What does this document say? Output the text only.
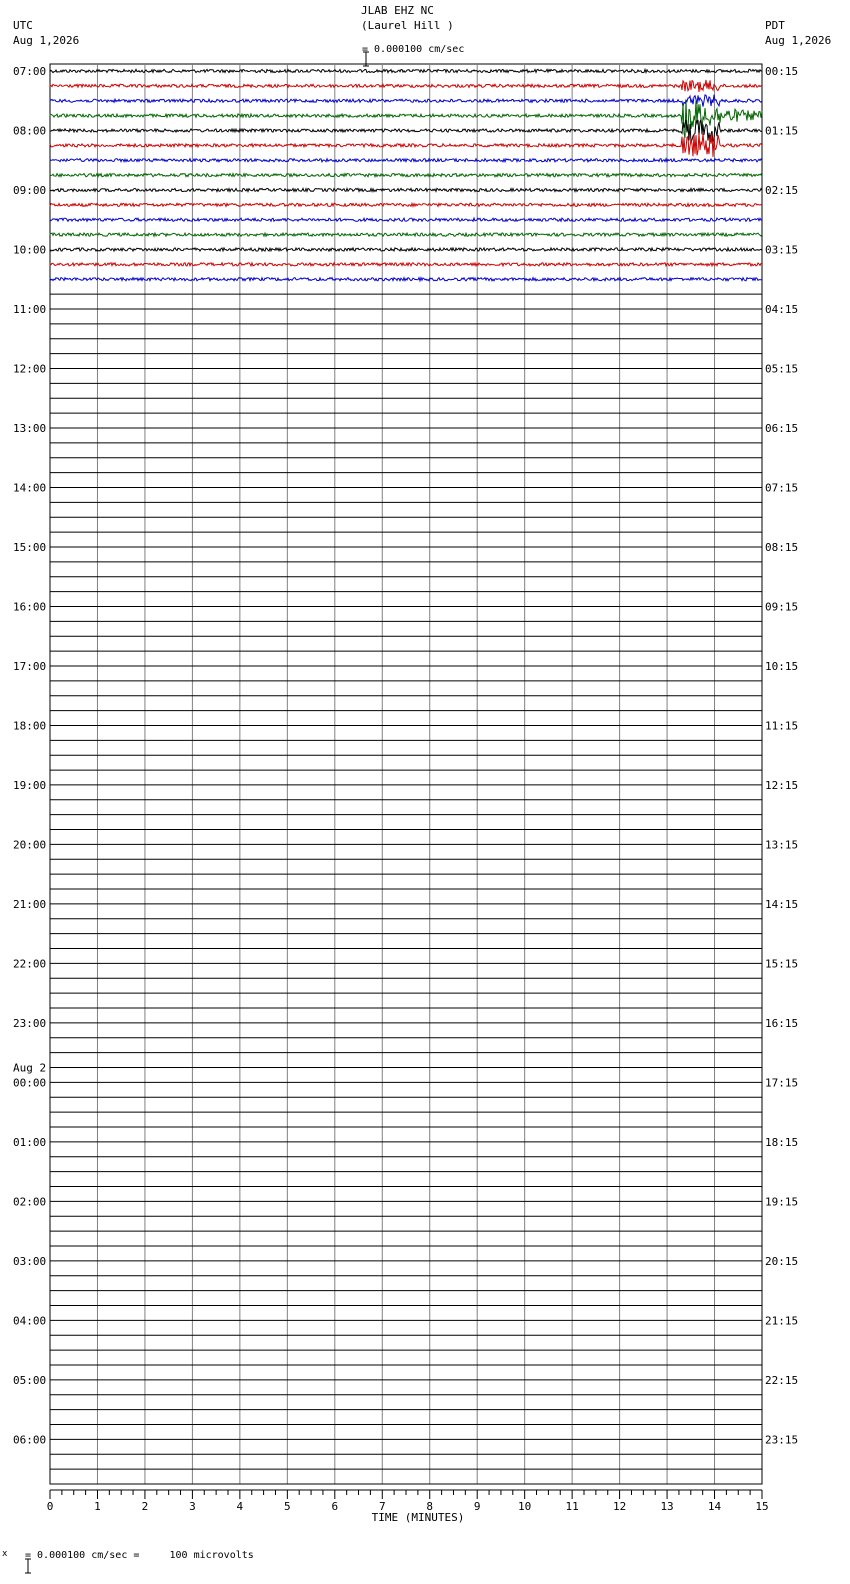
JLAB EHZ NC
(Laurel Hill )

= 0.000100 cm/sec
UTC
Aug 1,2026
PDT
Aug 1,2026
07:00
08:00
09:00
10:00
11:00
12:00
13:00
14:00
15:00
16:00
17:00
18:00
19:00
20:00
21:00
22:00
23:00
00:00
01:00
02:00
03:00
04:00
05:00
06:00
00:15
01:15
02:15
03:15
04:15
05:15
06:15
07:15
08:15
09:15
10:15
11:15
12:15
13:15
14:15
15:15
16:15
17:15
18:15
19:15
20:15
21:15
22:15
23:15
Aug 2
0	1	2	3	4	5	6	7	8	9	10	11	12	13	14	15
TIME (MINUTES)
x

= 0.000100 cm/sec =     100 microvolts
